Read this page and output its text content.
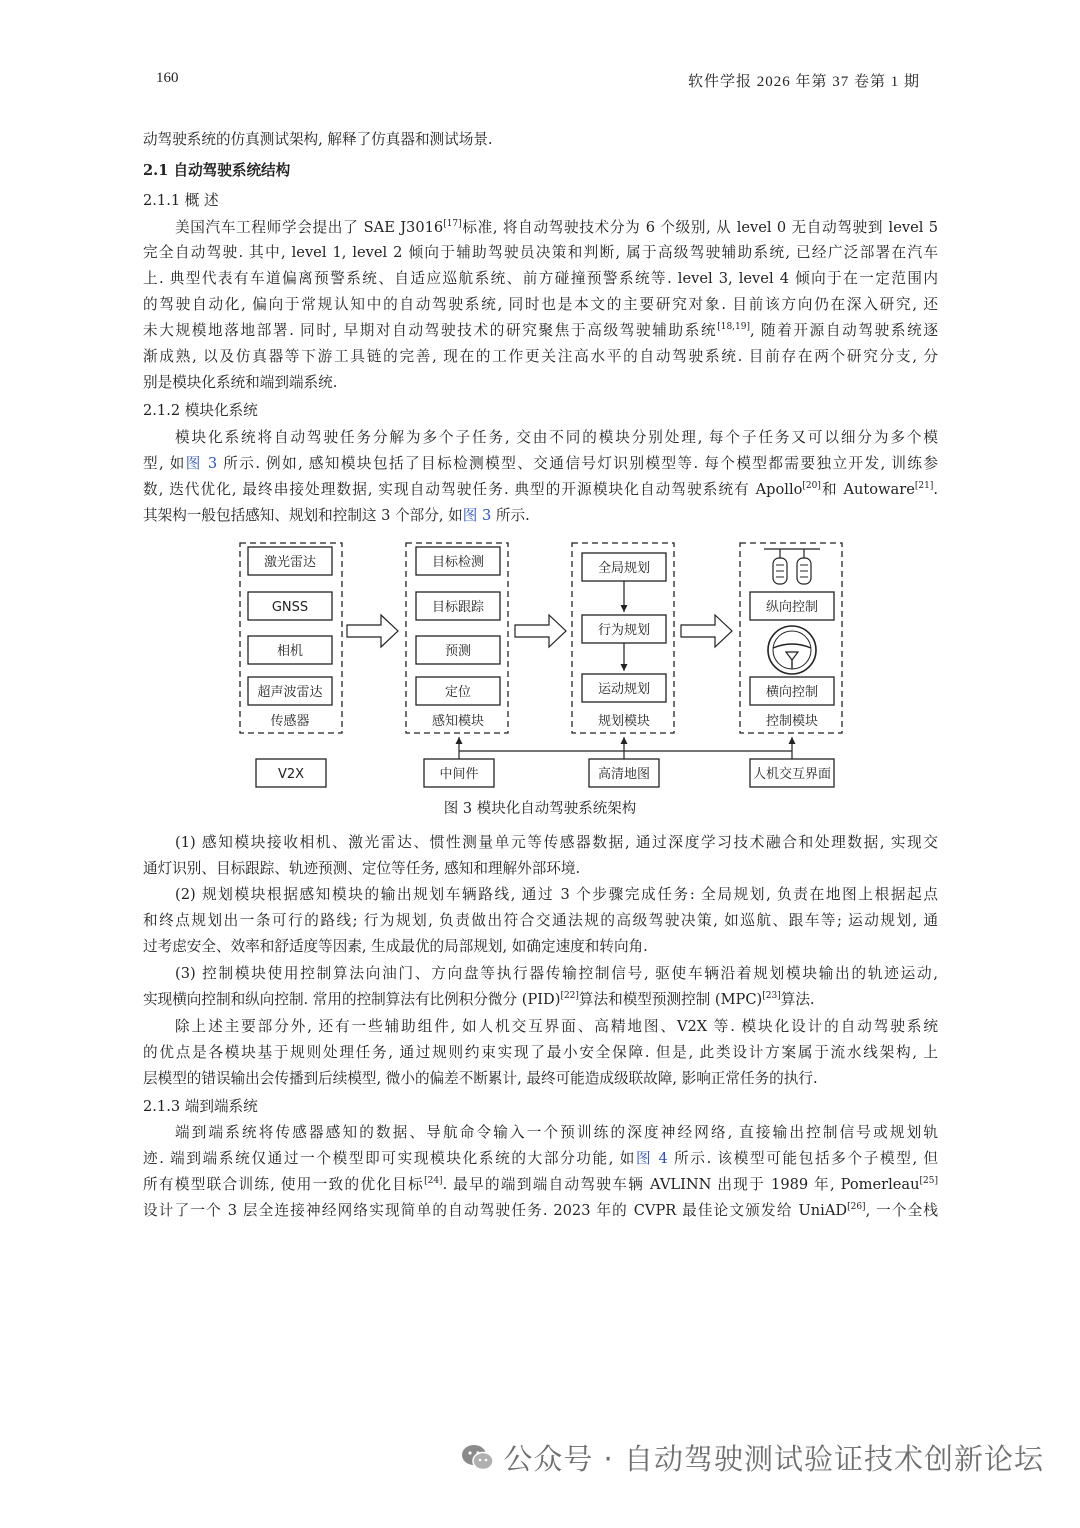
160	软件学报 2026 年第 37 卷第 1 期
动驾驶系统的仿真测试架构, 解释了仿真器和测试场景.
2.1 自动驾驶系统结构
2.1.1 概 述
美国汽车工程师学会提出了 SAE J3016[17]标准, 将自动驾驶技术分为 6 个级别, 从 level 0 无自动驾驶到 level 5
完全自动驾驶. 其中, level 1, level 2 倾向于辅助驾驶员决策和判断, 属于高级驾驶辅助系统, 已经广泛部署在汽车
上. 典型代表有车道偏离预警系统、自适应巡航系统、前方碰撞预警系统等. level 3, level 4 倾向于在一定范围内
的驾驶自动化, 偏向于常规认知中的自动驾驶系统, 同时也是本文的主要研究对象. 目前该方向仍在深入研究, 还
未大规模地落地部署. 同时, 早期对自动驾驶技术的研究聚焦于高级驾驶辅助系统[18,19], 随着开源自动驾驶系统逐
渐成熟, 以及仿真器等下游工具链的完善, 现在的工作更关注高水平的自动驾驶系统. 目前存在两个研究分支, 分
别是模块化系统和端到端系统.
2.1.2 模块化系统
模块化系统将自动驾驶任务分解为多个子任务, 交由不同的模块分别处理, 每个子任务又可以细分为多个模
型, 如图 3 所示. 例如, 感知模块包括了目标检测模型、交通信号灯识别模型等. 每个模型都需要独立开发, 训练参
数, 迭代优化, 最终串接处理数据, 实现自动驾驶任务. 典型的开源模块化自动驾驶系统有 Apollo[20]和 Autoware[21].
其架构一般包括感知、规划和控制这 3 个部分, 如图 3 所示.
激光雷达
GNSS
相机
超声波雷达
传感器
目标检测
目标跟踪
预测
定位
感知模块
全局规划
行为规划
运动规划
规划模块
纵向控制
横向控制
控制模块
V2X	中间件	高清地图	人机交互界面
图 3 模块化自动驾驶系统架构
(1) 感知模块接收相机、激光雷达、惯性测量单元等传感器数据, 通过深度学习技术融合和处理数据, 实现交
通灯识别、目标跟踪、轨迹预测、定位等任务, 感知和理解外部环境.
(2) 规划模块根据感知模块的输出规划车辆路线, 通过 3 个步骤完成任务: 全局规划, 负责在地图上根据起点
和终点规划出一条可行的路线; 行为规划, 负责做出符合交通法规的高级驾驶决策, 如巡航、跟车等; 运动规划, 通
过考虑安全、效率和舒适度等因素, 生成最优的局部规划, 如确定速度和转向角.
(3) 控制模块使用控制算法向油门、方向盘等执行器传输控制信号, 驱使车辆沿着规划模块输出的轨迹运动,
实现横向控制和纵向控制. 常用的控制算法有比例积分微分 (PID)[22]算法和模型预测控制 (MPC)[23]算法.
除上述主要部分外, 还有一些辅助组件, 如人机交互界面、高精地图、V2X 等. 模块化设计的自动驾驶系统
的优点是各模块基于规则处理任务, 通过规则约束实现了最小安全保障. 但是, 此类设计方案属于流水线架构, 上
层模型的错误输出会传播到后续模型, 微小的偏差不断累计, 最终可能造成级联故障, 影响正常任务的执行.
2.1.3 端到端系统
端到端系统将传感器感知的数据、导航命令输入一个预训练的深度神经网络, 直接输出控制信号或规划轨
迹. 端到端系统仅通过一个模型即可实现模块化系统的大部分功能, 如图 4 所示. 该模型可能包括多个子模型, 但
所有模型联合训练, 使用一致的优化目标[24]. 最早的端到端自动驾驶车辆 AVLINN 出现于 1989 年, Pomerleau[25]
设计了一个 3 层全连接神经网络实现简单的自动驾驶任务. 2023 年的 CVPR 最佳论文颁发给 UniAD[26], 一个全栈
公众号 · 自动驾驶测试验证技术创新论坛
